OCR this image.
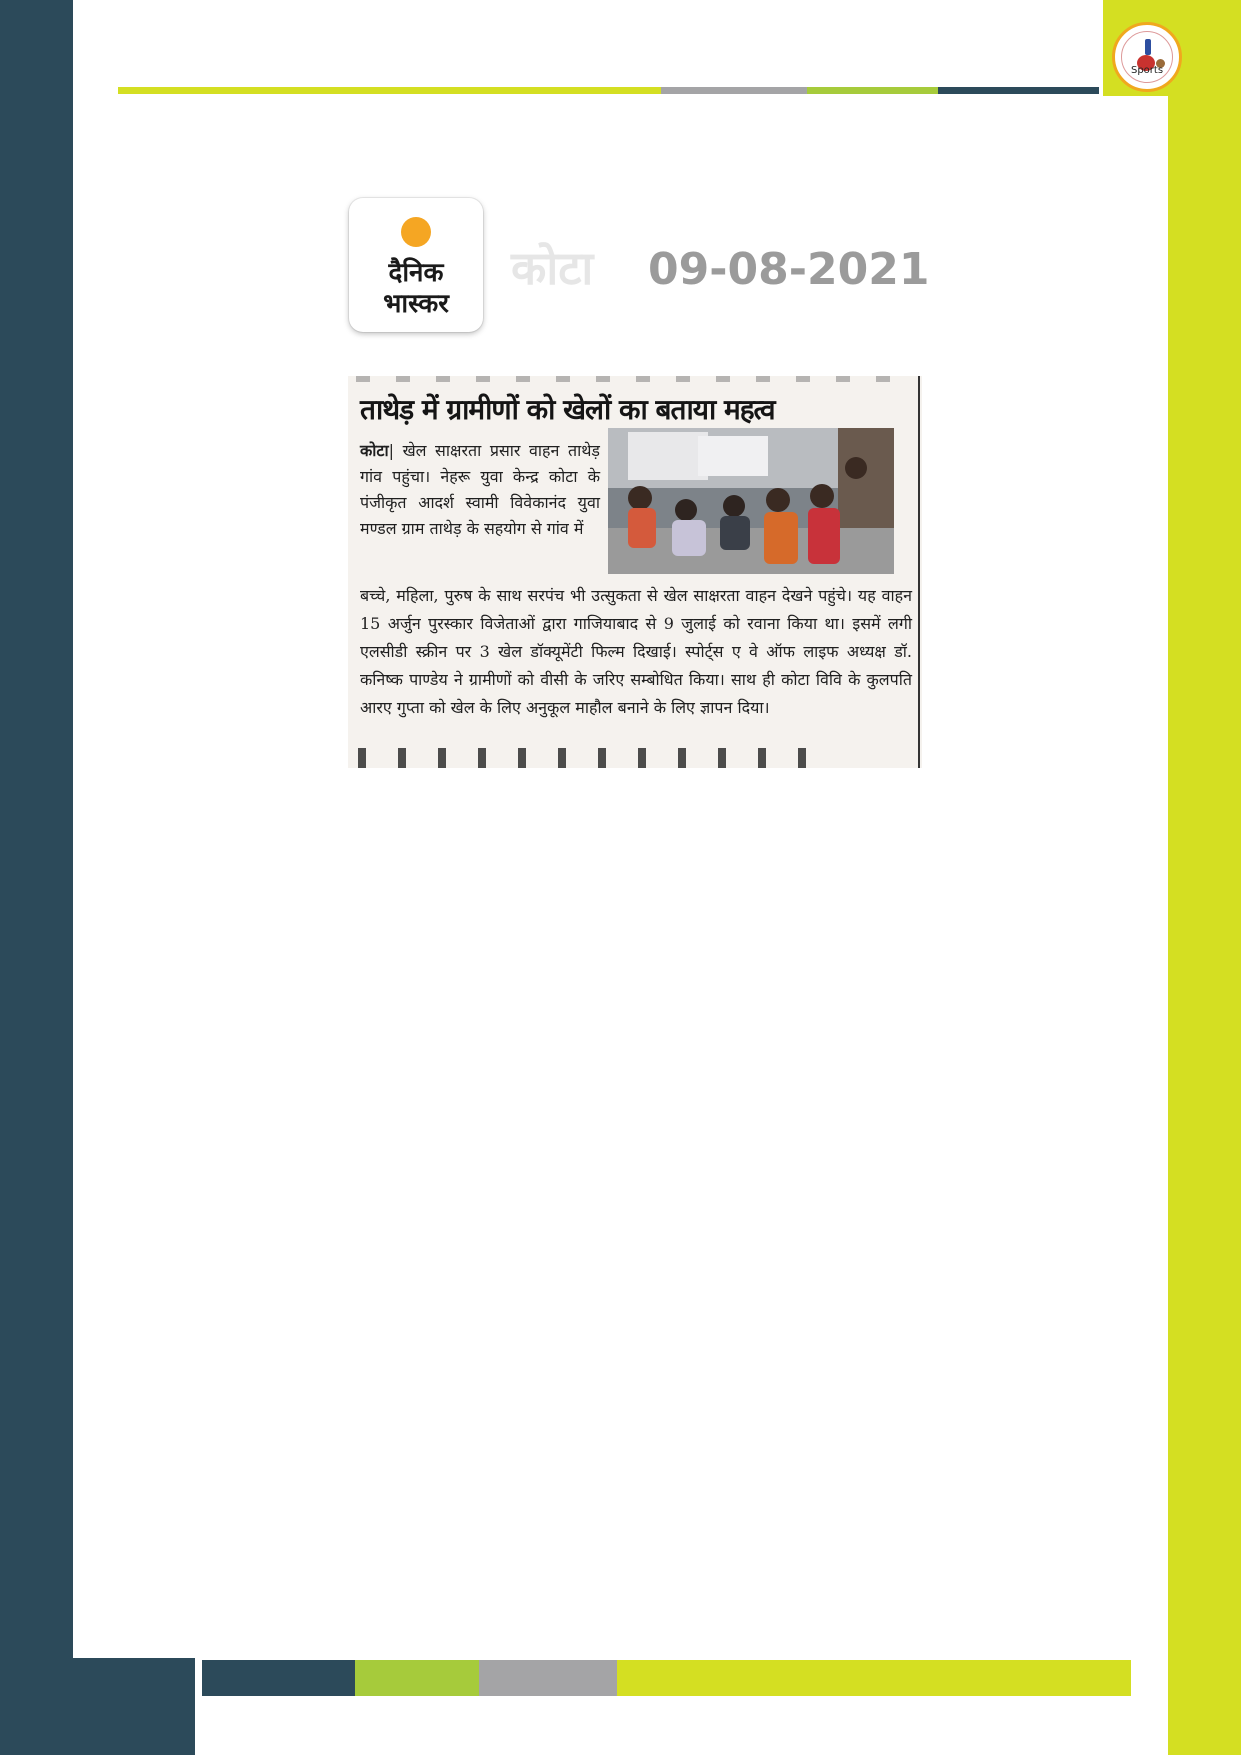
Sports
दैनिक
भास्कर
कोटा 09-08-2021
ताथेड़ में ग्रामीणों को खेलों का बताया महत्व
कोटा| खेल साक्षरता प्रसार वाहन ताथेड़ गांव पहुंचा। नेहरू युवा केन्द्र कोटा के पंजीकृत आदर्श स्वामी विवेकानंद युवा मण्डल ग्राम ताथेड़ के सहयोग से गांव में
बच्चे, महिला, पुरुष के साथ सरपंच भी उत्सुकता से खेल साक्षरता वाहन देखने पहुंचे। यह वाहन 15 अर्जुन पुरस्कार विजेताओं द्वारा गाजियाबाद से 9 जुलाई को रवाना किया था। इसमें लगी एलसीडी स्क्रीन पर 3 खेल डॉक्यूमेंटी फिल्म दिखाई। स्पोर्ट्स ए वे ऑफ लाइफ अध्यक्ष डॉ. कनिष्क पाण्डेय ने ग्रामीणों को वीसी के जरिए सम्बोधित किया। साथ ही कोटा विवि के कुलपति आरए गुप्ता को खेल के लिए अनुकूल माहौल बनाने के लिए ज्ञापन दिया।
